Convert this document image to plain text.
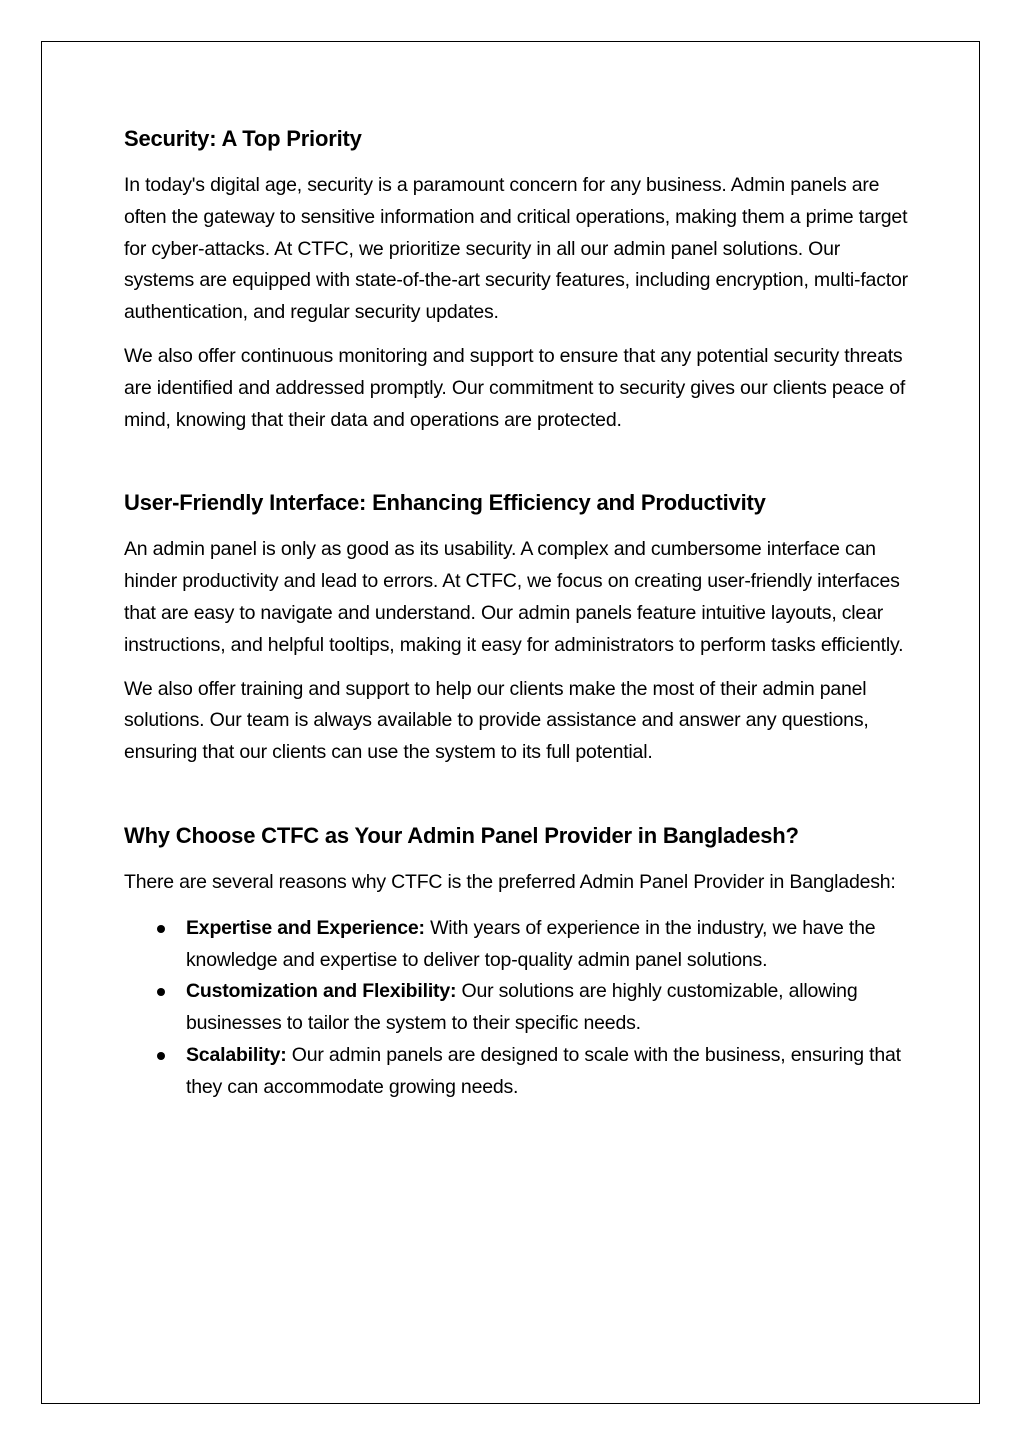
Security: A Top Priority

In today's digital age, security is a paramount concern for any business. Admin panels are often the gateway to sensitive information and critical operations, making them a prime target for cyber-attacks. At CTFC, we prioritize security in all our admin panel solutions. Our systems are equipped with state-of-the-art security features, including encryption, multi-factor authentication, and regular security updates.

We also offer continuous monitoring and support to ensure that any potential security threats are identified and addressed promptly. Our commitment to security gives our clients peace of mind, knowing that their data and operations are protected.

User-Friendly Interface: Enhancing Efficiency and Productivity

An admin panel is only as good as its usability. A complex and cumbersome interface can hinder productivity and lead to errors. At CTFC, we focus on creating user-friendly interfaces that are easy to navigate and understand. Our admin panels feature intuitive layouts, clear instructions, and helpful tooltips, making it easy for administrators to perform tasks efficiently.

We also offer training and support to help our clients make the most of their admin panel solutions. Our team is always available to provide assistance and answer any questions, ensuring that our clients can use the system to its full potential.

Why Choose CTFC as Your Admin Panel Provider in Bangladesh?

There are several reasons why CTFC is the preferred Admin Panel Provider in Bangladesh:

Expertise and Experience: With years of experience in the industry, we have the knowledge and expertise to deliver top-quality admin panel solutions.
Customization and Flexibility: Our solutions are highly customizable, allowing businesses to tailor the system to their specific needs.
Scalability: Our admin panels are designed to scale with the business, ensuring that they can accommodate growing needs.
